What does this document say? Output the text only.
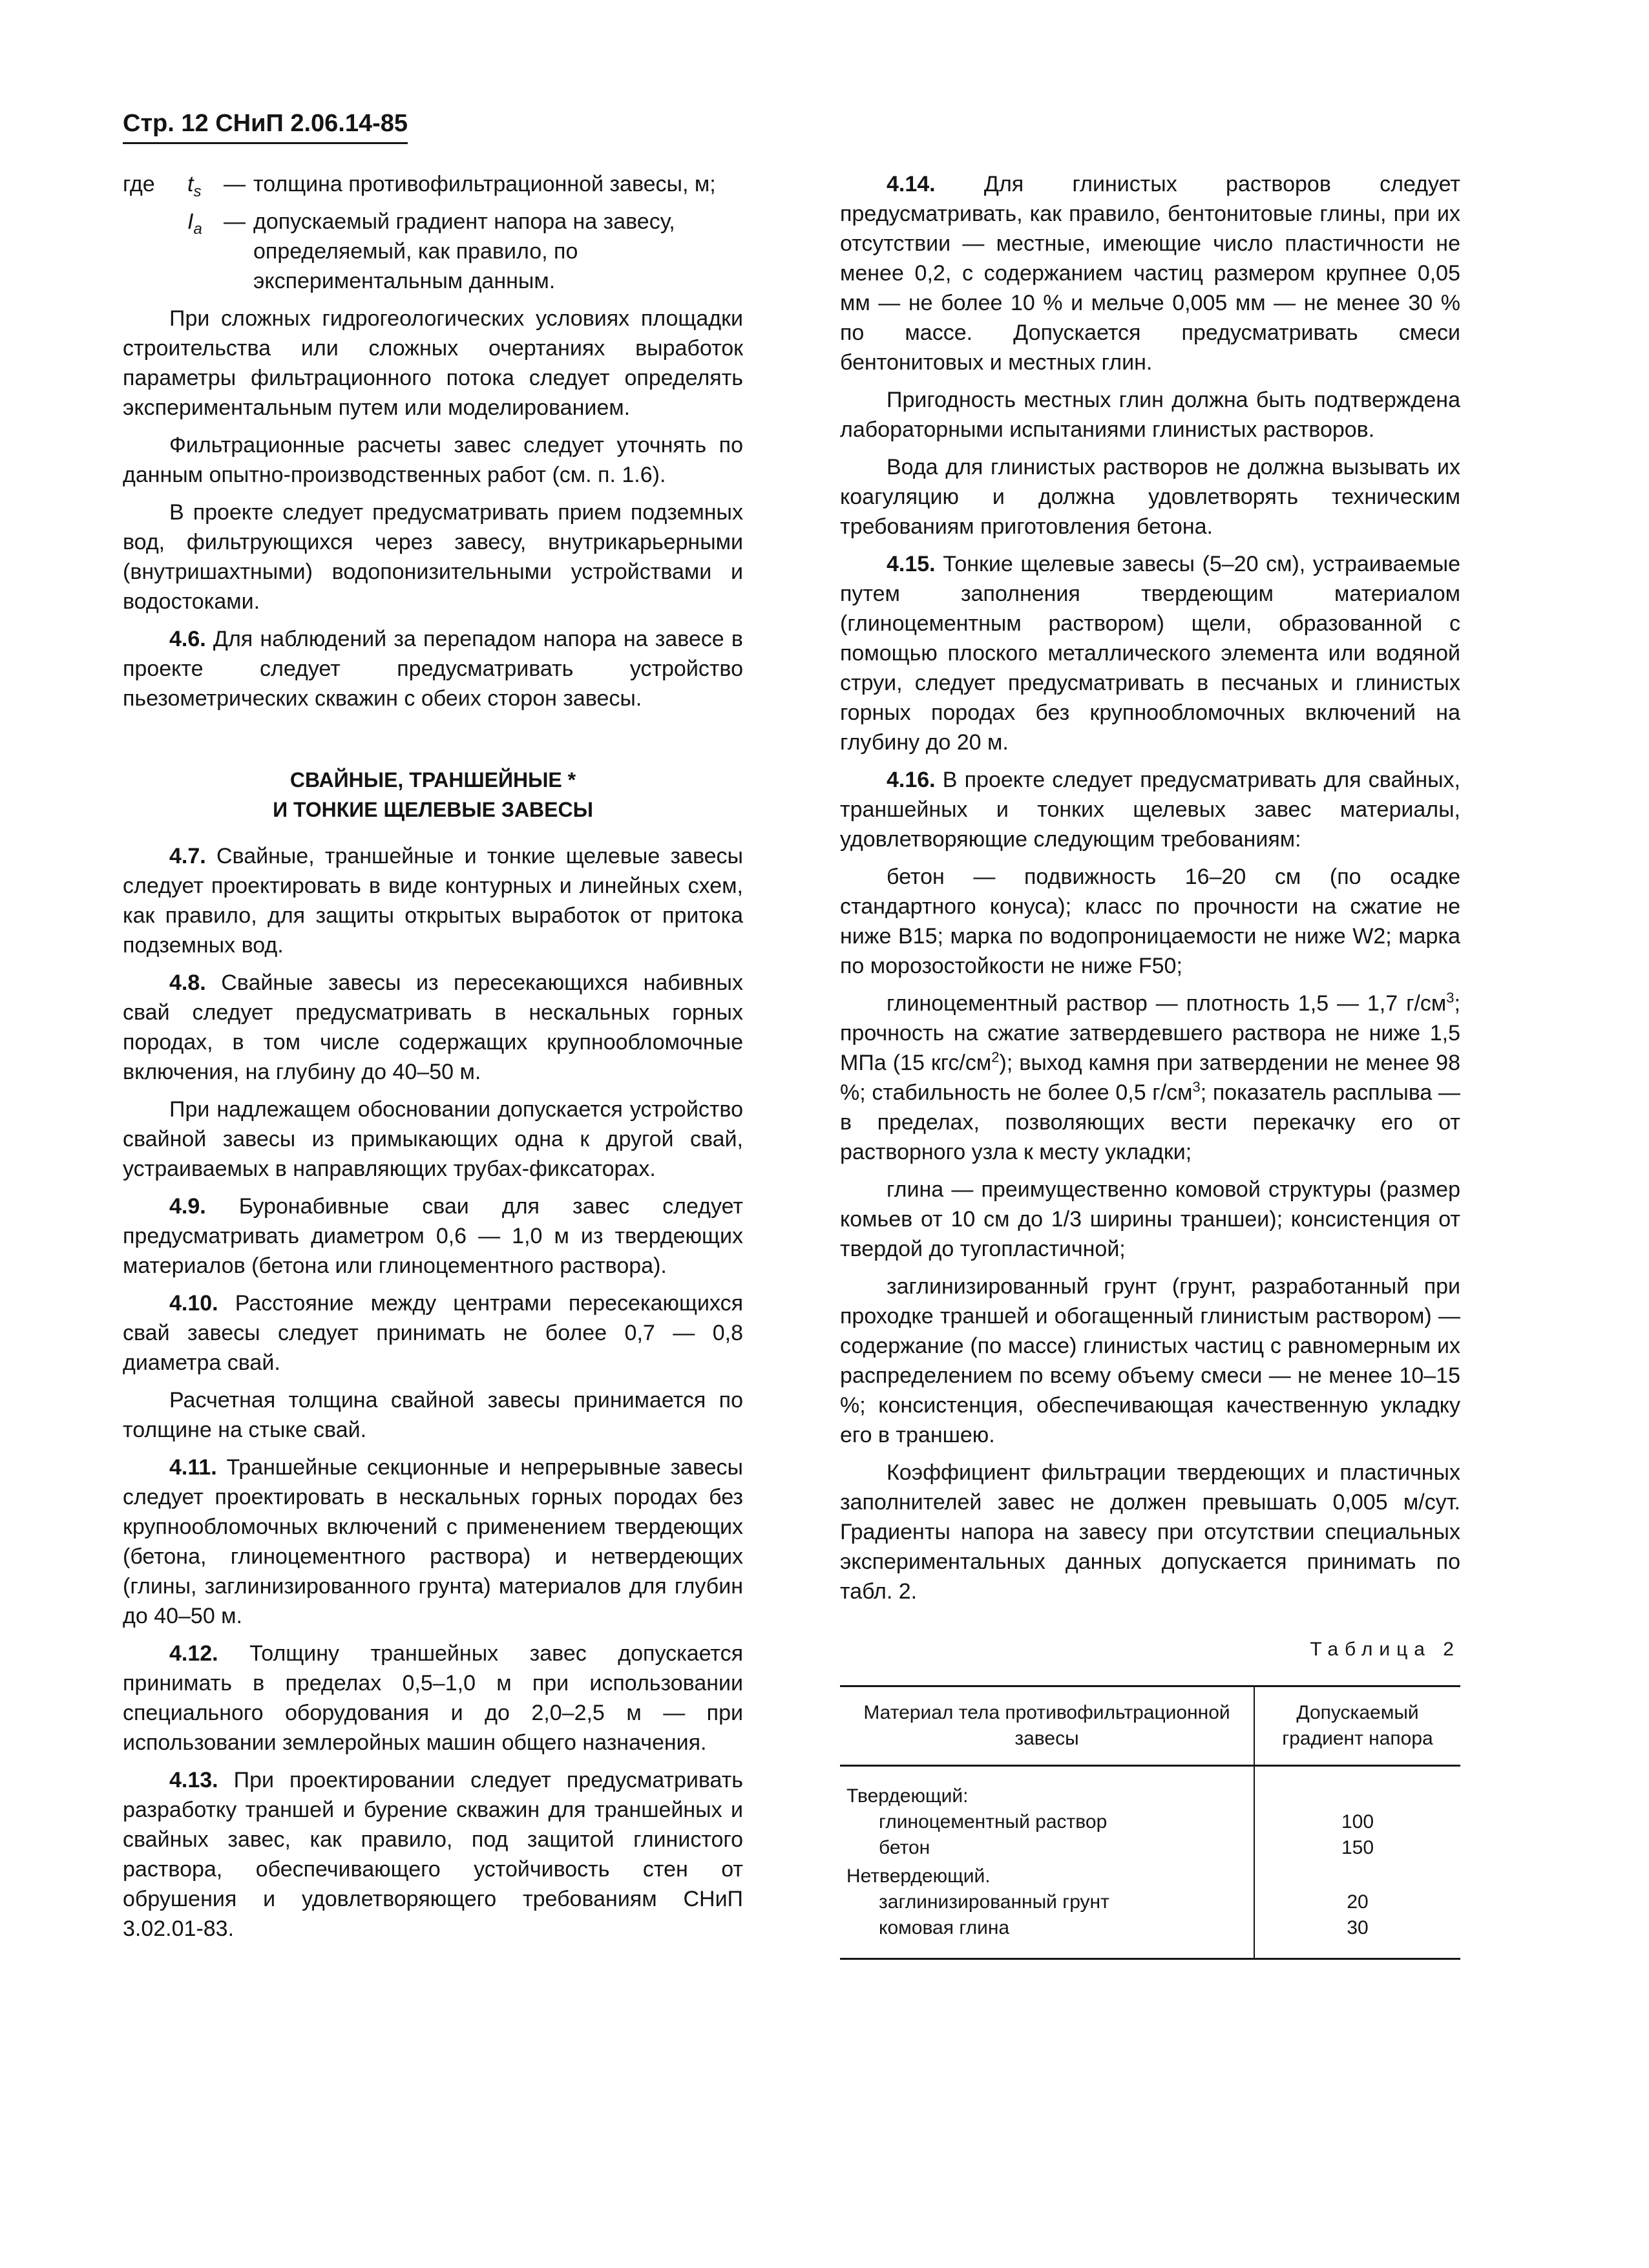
Стр. 12 СНиП 2.06.14-85
где	$t_s$	— толщина противофильтрационной завесы, м;
$I_a$ — допускаемый градиент напора на завесу, определяемый, как правило, по экспериментальным данным.

При сложных гидрогеологических условиях площадки строительства или сложных очертаниях выработок параметры фильтрационного потока следует определять экспериментальным путем или моделированием.

Фильтрационные расчеты завес следует уточнять по данным опытно-производственных работ (см. п. 1.6).

В проекте следует предусматривать прием подземных вод, фильтрующихся через завесу, внутрикарьерными (внутришахтными) водопонизительными устройствами и водостоками.

4.6. Для наблюдений за перепадом напора на завесе в проекте следует предусматривать устройство пьезометрических скважин с обеих сторон завесы.

СВАЙНЫЕ, ТРАНШЕЙНЫЕ *
И ТОНКИЕ ЩЕЛЕВЫЕ ЗАВЕСЫ

4.7. Свайные, траншейные и тонкие щелевые завесы следует проектировать в виде контурных и линейных схем, как правило, для защиты открытых выработок от притока подземных вод.

4.8. Свайные завесы из пересекающихся набивных свай следует предусматривать в нескальных горных породах, в том числе содержащих крупнообломочные включения, на глубину до 40–50 м.

При надлежащем обосновании допускается устройство свайной завесы из примыкающих одна к другой свай, устраиваемых в направляющих трубах-фиксаторах.

4.9. Буронабивные сваи для завес следует предусматривать диаметром 0,6 — 1,0 м из твердеющих материалов (бетона или глиноцементного раствора).

4.10. Расстояние между центрами пересекающихся свай завесы следует принимать не более 0,7 — 0,8 диаметра свай.

Расчетная толщина свайной завесы принимается по толщине на стыке свай.

4.11. Траншейные секционные и непрерывные завесы следует проектировать в нескальных горных породах без крупнообломочных включений с применением твердеющих (бетона, глиноцементного раствора) и нетвердеющих (глины, заглинизированного грунта) материалов для глубин до 40–50 м.

4.12. Толщину траншейных завес допускается принимать в пределах 0,5–1,0 м при использовании специального оборудования и до 2,0–2,5 м — при использовании землеройных машин общего назначения.

4.13. При проектировании следует предусматривать разработку траншей и бурение скважин для траншейных и свайных завес, как правило, под защитой глинистого раствора, обеспечивающего устойчивость стен от обрушения и удовлетворяющего требованиям СНиП 3.02.01-83.

4.14. Для глинистых растворов следует предусматривать, как правило, бентонитовые глины, при их отсутствии — местные, имеющие число пластичности не менее 0,2, с содержанием частиц размером крупнее 0,05 мм — не более 10 % и мельче 0,005 мм — не менее 30 % по массе. Допускается предусматривать смеси бентонитовых и местных глин.

Пригодность местных глин должна быть подтверждена лабораторными испытаниями глинистых растворов.

Вода для глинистых растворов не должна вызывать их коагуляцию и должна удовлетворять техническим требованиям приготовления бетона.

4.15. Тонкие щелевые завесы (5–20 см), устраиваемые путем заполнения твердеющим материалом (глиноцементным раствором) щели, образованной с помощью плоского металлического элемента или водяной струи, следует предусматривать в песчаных и глинистых горных породах без крупнообломочных включений на глубину до 20 м.

4.16. В проекте следует предусматривать для свайных, траншейных и тонких щелевых завес материалы, удовлетворяющие следующим требованиям:

бетон — подвижность 16–20 см (по осадке стандартного конуса); класс по прочности на сжатие не ниже B15; марка по водопроницаемости не ниже W2; марка по морозостойкости не ниже F50;

глиноцементный раствор — плотность 1,5 — 1,7 $г/см^3$; прочность на сжатие затвердевшего раствора не ниже 1,5 МПа (15 кгс/$см^2$); выход камня при затвердении не менее 98 %; стабильность не более 0,5 $г/см^3$; показатель расплыва — в пределах, позволяющих вести перекачку его от растворного узла к месту укладки;

глина — преимущественно комовой структуры (размер комьев от 10 см до 1/3 ширины траншеи); консистенция от твердой до тугопластичной;

заглинизированный грунт (грунт, разработанный при проходке траншей и обогащенный глинистым раствором) — содержание (по массе) глинистых частиц с равномерным их распределением по всему объему смеси — не менее 10–15 %; консистенция, обеспечивающая качественную укладку его в траншею.

Коэффициент фильтрации твердеющих и пластичных заполнителей завес не должен превышать 0,005 м/сут. Градиенты напора на завесу при отсутствии специальных экспериментальных данных допускается принимать по табл. 2.

Таблица 2
Материал тела противофильтрационной завесы	Допускаемый градиент напора
Твердеющий:	
глиноцементный раствор	100
бетон	150
Нетвердеющий.	
заглинизированный грунт	20
комовая глина	30
